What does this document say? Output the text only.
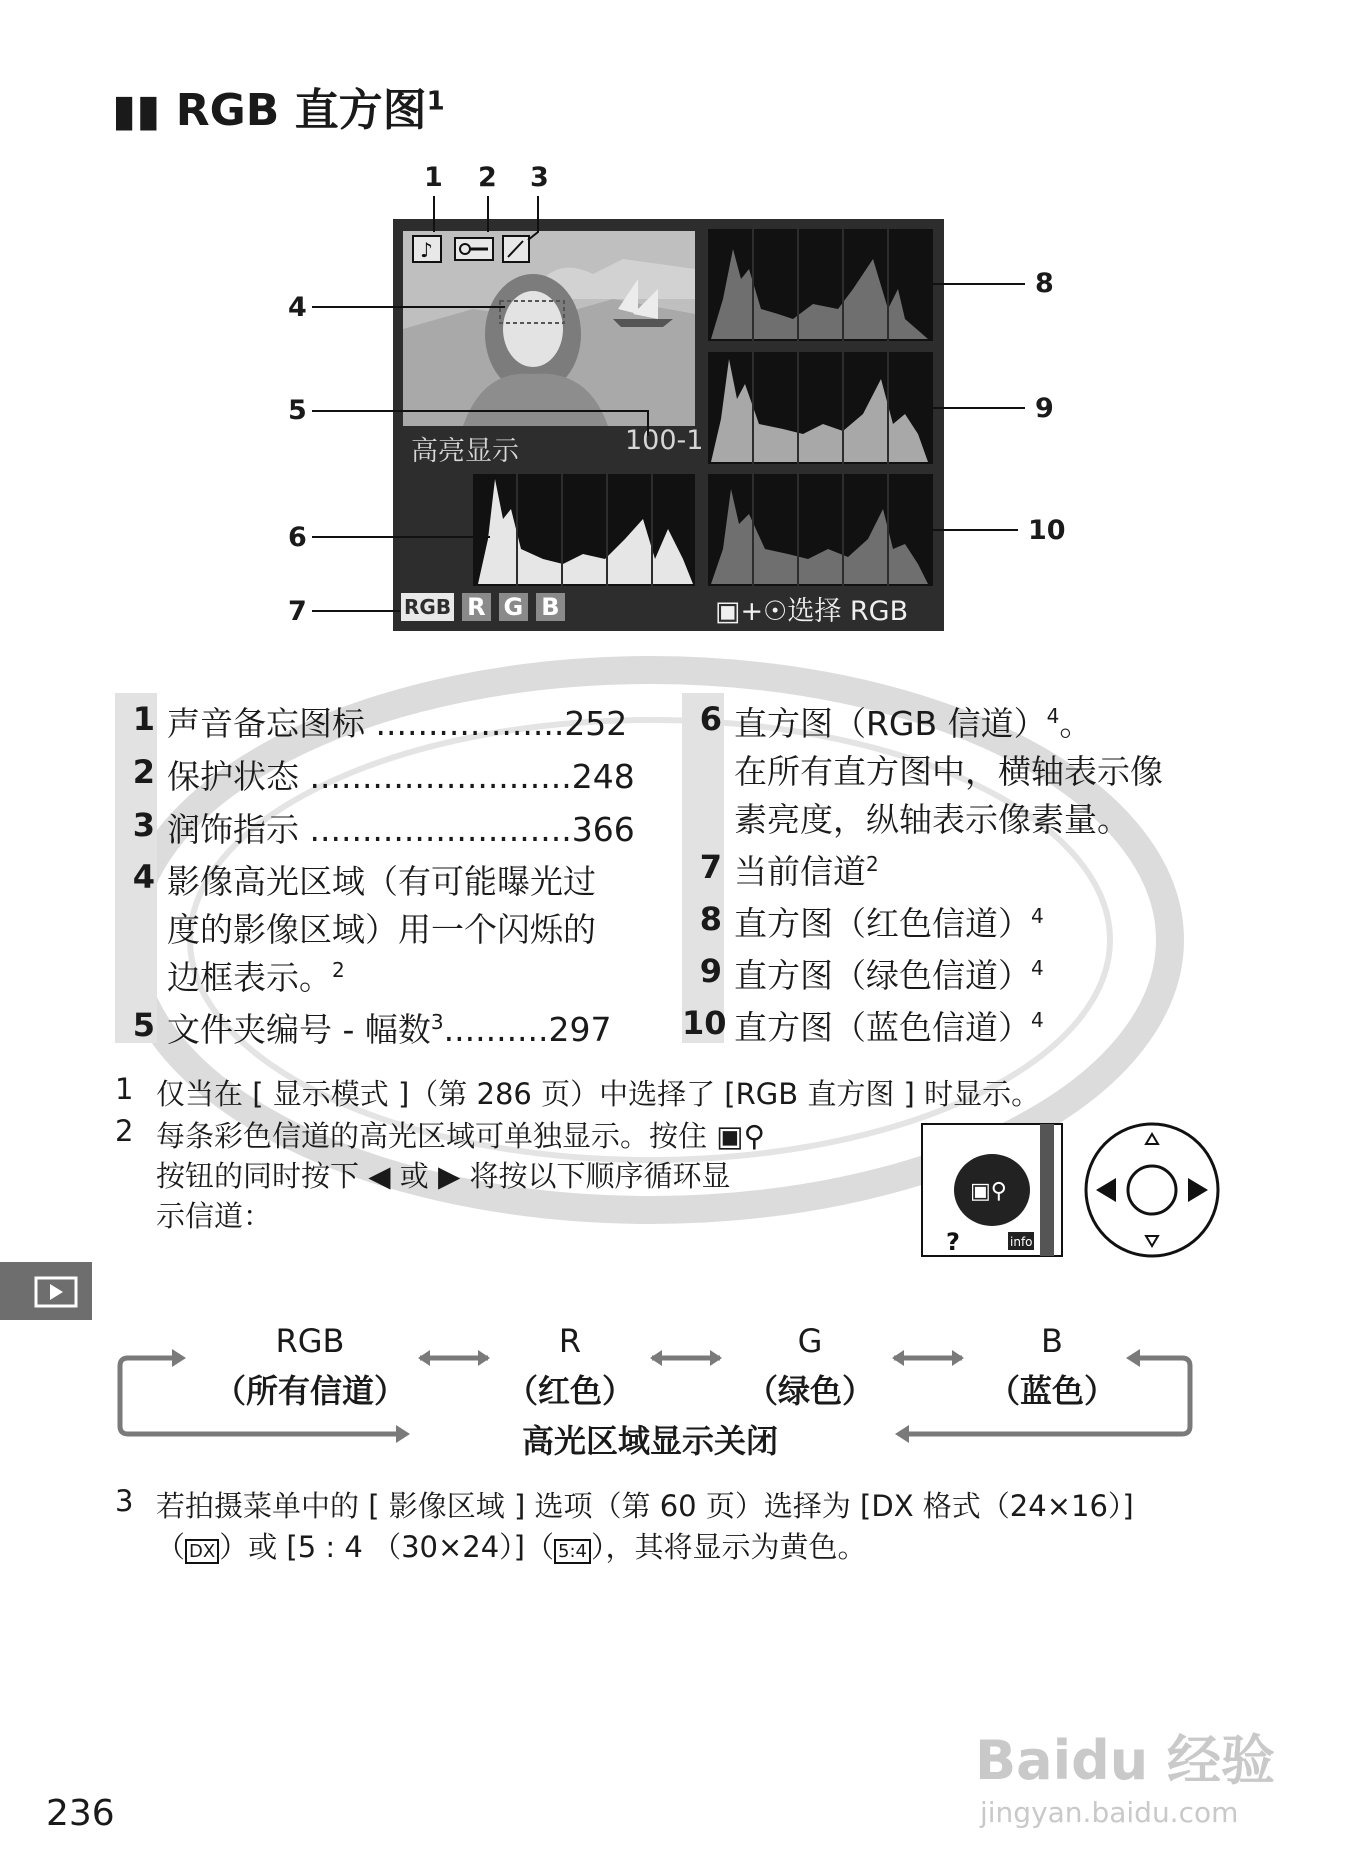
▮▮ RGB 直方图$^1$
1 2 3
4
5
6
7
8
9
10
♪
高亮显示	100-1
RGB R G B	▣+☉选择 RGB
1 声音备忘图标 ..................252
2 保护状态 .........................248
3 润饰指示 .........................366
4 影像高光区域（有可能曝光过
度的影像区域）用一个闪烁的
边框表示。$^2$
5 文件夹编号 - 幅数$^3$..........297
6 直方图（RGB 信道）$^4$。
在所有直方图中，横轴表示像
素亮度，纵轴表示像素量。
7 当前信道$^2$
8 直方图（红色信道）$^4$
9 直方图（绿色信道）$^4$
10 直方图（蓝色信道）$^4$
1 仅当在 [ 显示模式 ]（第 286 页）中选择了 [RGB 直方图 ] 时显示。
2 每条彩色信道的高光区域可单独显示。按住 ▣⚲
按钮的同时按下 ◀ 或 ▶ 将按以下顺序循环显
示信道：
▣⚲
?	info
RGB
（所有信道）
R
（红色）
G
（绿色）
B
（蓝色）
高光区域显示关闭
3 若拍摄菜单中的 [ 影像区域 ] 选项（第 60 页）选择为 [DX 格式（24×16）]
（ DX ）或 [5 : 4 （30×24）]（ 5:4 ），其将显示为黄色。
236
Baidu 经验
jingyan.baidu.com
